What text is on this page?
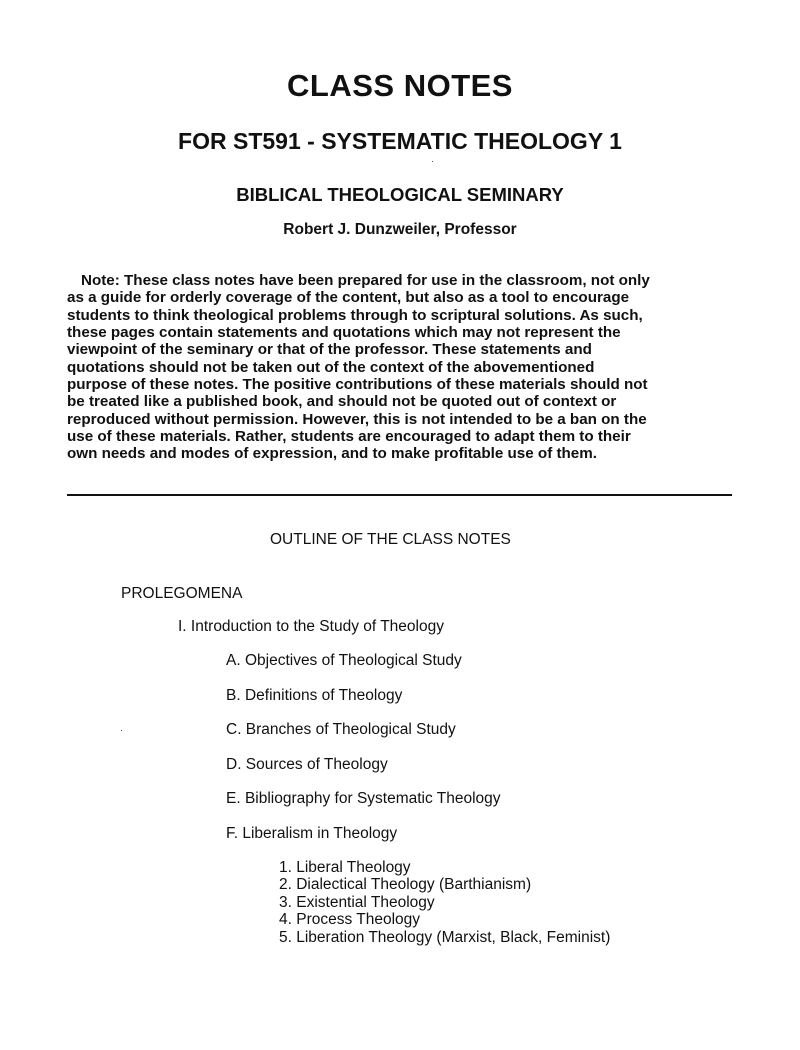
CLASS NOTES
FOR ST591 - SYSTEMATIC THEOLOGY 1
BIBLICAL THEOLOGICAL SEMINARY
Robert J. Dunzweiler, Professor
Note: These class notes have been prepared for use in the classroom, not only
as a guide for orderly coverage of the content, but also as a tool to encourage
students to think theological problems through to scriptural solutions. As such,
these pages contain statements and quotations which may not represent the
viewpoint of the seminary or that of the professor. These statements and
quotations should not be taken out of the context of the abovementioned
purpose of these notes. The positive contributions of these materials should not
be treated like a published book, and should not be quoted out of context or
reproduced without permission. However, this is not intended to be a ban on the
use of these materials. Rather, students are encouraged to adapt them to their
own needs and modes of expression, and to make profitable use of them.
OUTLINE OF THE CLASS NOTES
PROLEGOMENA
I. Introduction to the Study of Theology
A. Objectives of Theological Study
B. Definitions of Theology
C. Branches of Theological Study
D. Sources of Theology
E. Bibliography for Systematic Theology
F. Liberalism in Theology
1. Liberal Theology
2. Dialectical Theology (Barthianism)
3. Existential Theology
4. Process Theology
5. Liberation Theology (Marxist, Black, Feminist)
